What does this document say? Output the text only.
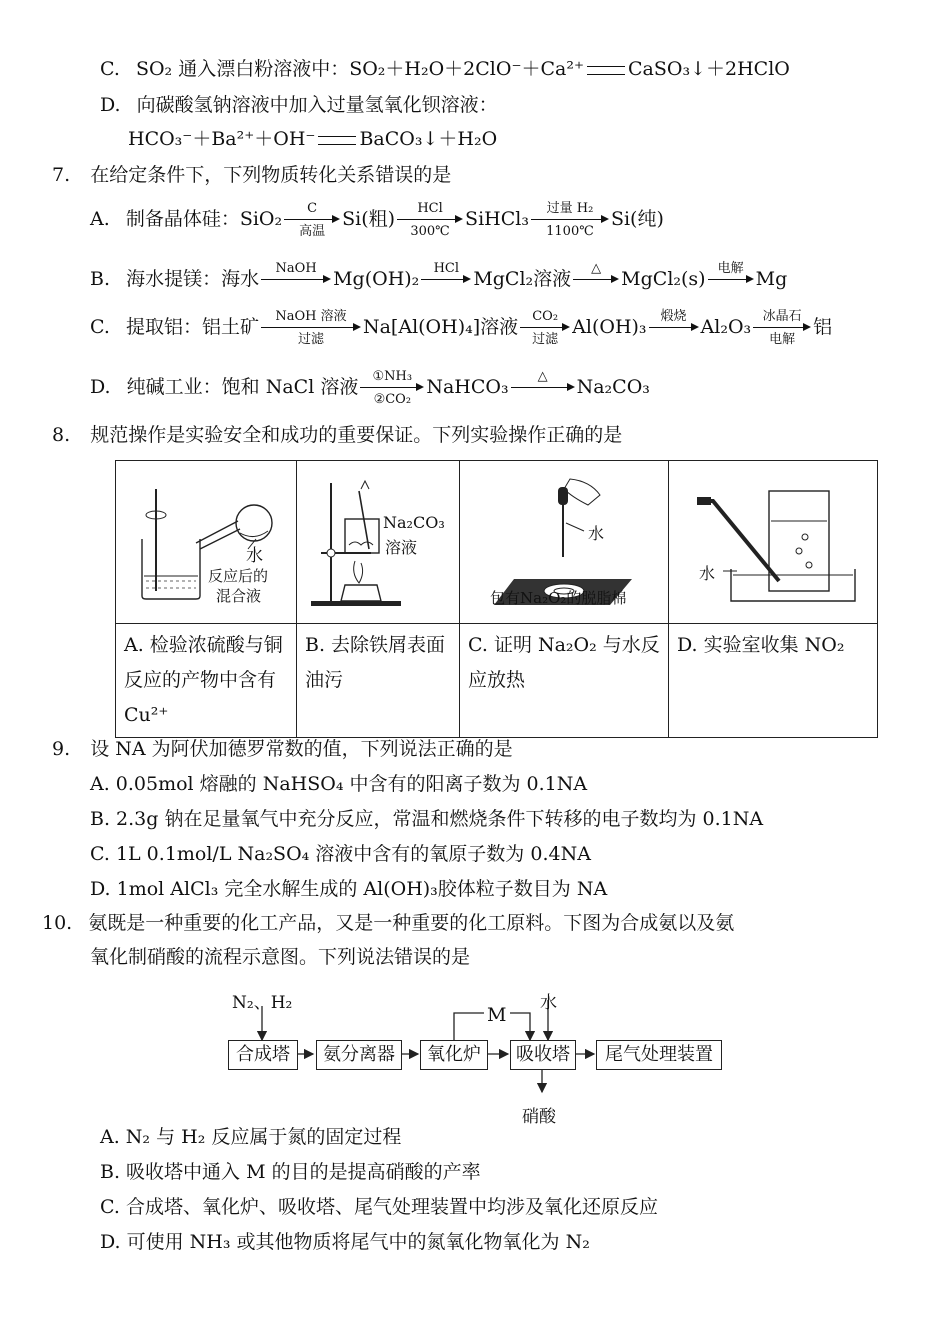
C. SO₂ 通入漂白粉溶液中：SO₂＋H₂O＋2ClO⁻＋Ca²⁺ CaSO₃↓＋2HClO
D. 向碳酸氢钠溶液中加入过量氢氧化钡溶液：
HCO₃⁻＋Ba²⁺＋OH⁻ BaCO₃↓＋H₂O
7. 在给定条件下，下列物质转化关系错误的是
A. 制备晶体硅：SiO₂	C
高温
Si(粗)	HCl
300℃
SiHCl₃	过量 H₂
1100℃
Si(纯)
B. 海水提镁：海水	NaOH Mg(OH)₂	HCl MgCl₂溶液	△	MgCl₂(s) 电解 Mg
C. 提取铝：铝土矿	NaOH 溶液
过滤
Na[Al(OH)₄]溶液	CO₂
过滤
Al(OH)₃	煅烧 Al₂O₃ 冰晶石
电解
铝
D. 纯碱工业：饱和 NaCl 溶液 $\frac{\text{①NH₃}}{\text{②CO₂}}$ NaHCO₃	△	Na₂CO₃
8. 规范操作是实验安全和成功的重要保证。下列实验操作正确的是
水
反应后的
混合液	Na₂CO₃
溶液	水
包有Na₂O₂的脱脂棉	水

A. 检验浓硫酸与铜反应的产物中含有 Cu²⁺	B. 去除铁屑表面油污	C. 证明 Na₂O₂ 与水反应放热	D. 实验室收集 NO₂
9. 设 NA 为阿伏加德罗常数的值，下列说法正确的是
A. 0.05mol 熔融的 NaHSO₄ 中含有的阳离子数为 0.1NA
B. 2.3g 钠在足量氧气中充分反应，常温和燃烧条件下转移的电子数均为 0.1NA
C. 1L 0.1mol/L Na₂SO₄ 溶液中含有的氧原子数为 0.4NA
D. 1mol AlCl₃ 完全水解生成的 Al(OH)₃胶体粒子数目为 NA
10. 氨既是一种重要的化工产品，又是一种重要的化工原料。下图为合成氨以及氨
氧化制硝酸的流程示意图。下列说法错误的是
N₂、H₂
M
水
合成塔	氨分离器	氧化炉	吸收塔	尾气处理装置
硝酸
A. N₂ 与 H₂ 反应属于氮的固定过程
B. 吸收塔中通入 M 的目的是提高硝酸的产率
C. 合成塔、氧化炉、吸收塔、尾气处理装置中均涉及氧化还原反应
D. 可使用 NH₃ 或其他物质将尾气中的氮氧化物氧化为 N₂
